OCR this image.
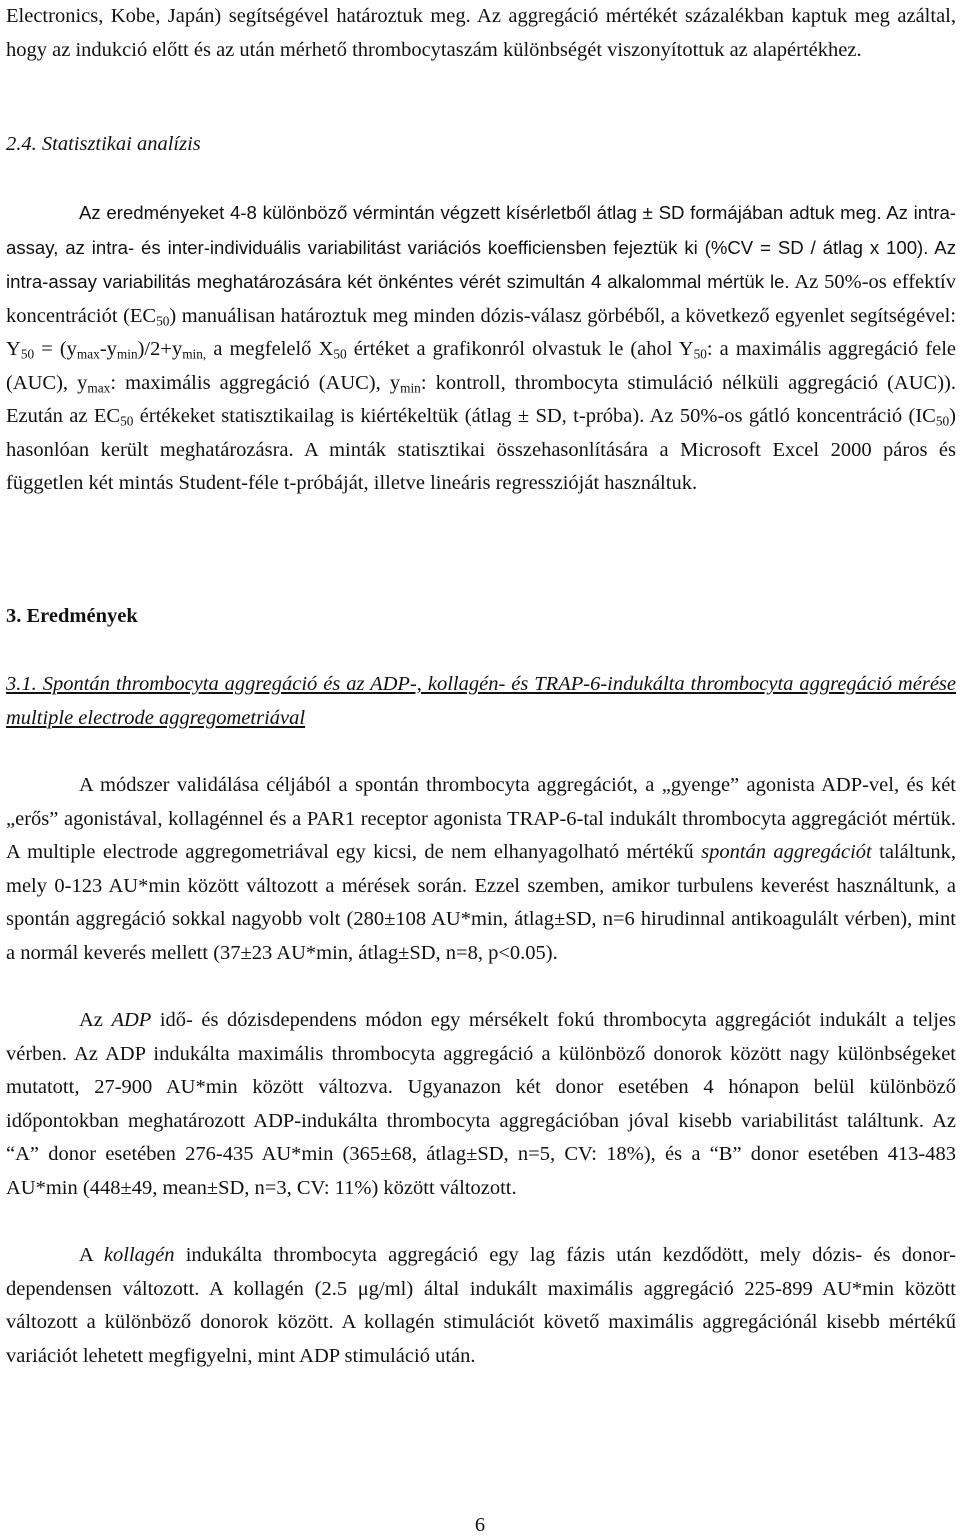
Electronics, Kobe, Japán) segítségével határoztuk meg. Az aggregáció mértékét százalékban kaptuk meg azáltal, hogy az indukció előtt és az után mérhető thrombocytaszám különbségét viszonyítottuk az alapértékhez.

2.4. Statisztikai analízis

Az eredményeket 4-8 különböző vérmintán végzett kísérletből átlag ± SD formájában adtuk meg. Az intra-assay, az intra- és inter-individuális variabilitást variációs koefficiensben fejeztük ki (%CV = SD / átlag x 100). Az intra-assay variabilitás meghatározására két önkéntes vérét szimultán 4 alkalommal mértük le. Az 50%-os effektív koncentrációt $(EC_{50})$ manuálisan határoztuk meg minden dózis-válasz görbéből, a következő egyenlet segítségével: $Y_{50} = (y_{max}-y_{min})/2+y_{min,}$ a megfelelő $X_{50}$ értéket a grafikonról olvastuk le (ahol $Y_{50}$: a maximális aggregáció fele (AUC), $y_{max}$: maximális aggregáció (AUC), $y_{min}$: kontroll, thrombocyta stimuláció nélküli aggregáció (AUC)). Ezután az $EC_{50}$ értékeket statisztikailag is kiértékeltük (átlag ± SD, t-próba). Az 50%-os gátló koncentráció $(IC_{50})$ hasonlóan került meghatározásra. A minták statisztikai összehasonlítására a Microsoft Excel 2000 páros és független két mintás Student-féle t-próbáját, illetve lineáris regresszióját használtuk.

3. Eredmények

3.1. Spontán thrombocyta aggregáció és az ADP-, kollagén- és TRAP-6-indukálta thrombocyta aggregáció mérése multiple electrode aggregometriával

A módszer validálása céljából a spontán thrombocyta aggregációt, a „gyenge” agonista ADP-vel, és két „erős” agonistával, kollagénnel és a PAR1 receptor agonista TRAP-6-tal indukált thrombocyta aggregációt mértük. A multiple electrode aggregometriával egy kicsi, de nem elhanyagolható mértékű spontán aggregációt találtunk, mely 0-123 AU*min között változott a mérések során. Ezzel szemben, amikor turbulens keverést használtunk, a spontán aggregáció sokkal nagyobb volt (280±108 AU*min, átlag±SD, n=6 hirudinnal antikoagulált vérben), mint a normál keverés mellett (37±23 AU*min, átlag±SD, n=8, p<0.05).

Az ADP idő- és dózisdependens módon egy mérsékelt fokú thrombocyta aggregációt indukált a teljes vérben. Az ADP indukálta maximális thrombocyta aggregáció a különböző donorok között nagy különbségeket mutatott, 27-900 AU*min között változva. Ugyanazon két donor esetében 4 hónapon belül különböző időpontokban meghatározott ADP-indukálta thrombocyta aggregációban jóval kisebb variabilitást találtunk. Az “A” donor esetében 276-435 AU*min (365±68, átlag±SD, n=5, CV: 18%), és a “B” donor esetében 413-483 AU*min (448±49, mean±SD, n=3, CV: 11%) között változott.

A kollagén indukálta thrombocyta aggregáció egy lag fázis után kezdődött, mely dózis- és donor-dependensen változott. A kollagén (2.5 μg/ml) által indukált maximális aggregáció 225-899 AU*min között változott a különböző donorok között. A kollagén stimulációt követő maximális aggregációnál kisebb mértékű variációt lehetett megfigyelni, mint ADP stimuláció után.

6
